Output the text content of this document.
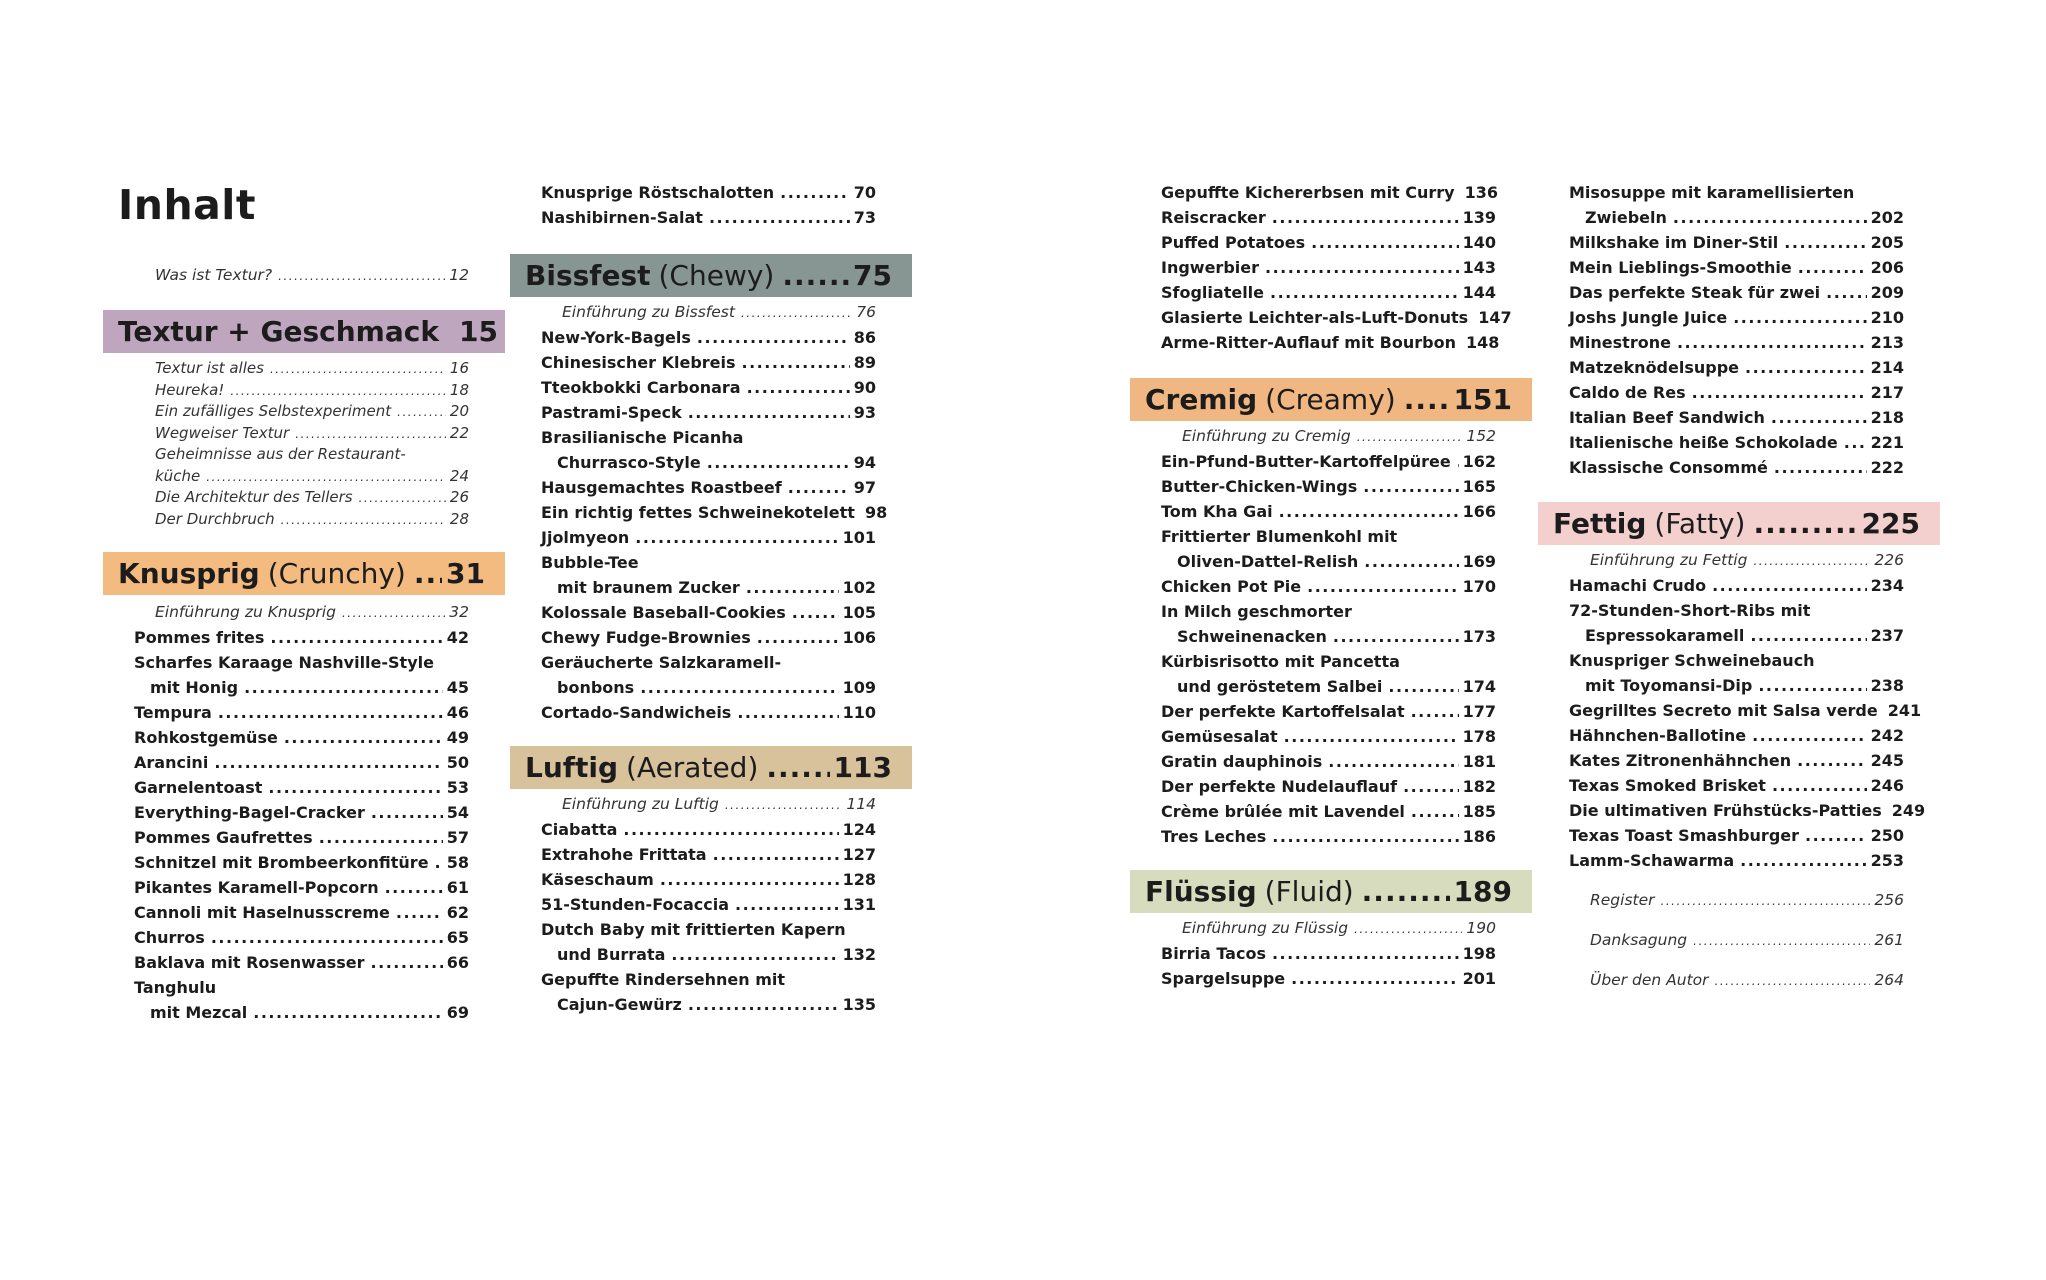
Inhalt
Was ist Textur? .....	12
Textur + Geschmack 15
Textur ist alles .....	16
Heureka! .....	18
Ein zufälliges Selbstexperiment .....	20
Wegweiser Textur .....	22
Geheimnisse aus der Restaurant-
küche .....	24
Die Architektur des Tellers .....	26
Der Durchbruch .....	28
Knusprig (Crunchy) ..... 31
Einführung zu Knusprig .....	32
Pommes frites .....	42
Scharfes Karaage Nashville-Style
mit Honig .....	45
Tempura .....	46
Rohkostgemüse .....	49
Arancini .....	50
Garnelentoast .....	53
Everything-Bagel-Cracker .....	54
Pommes Gaufrettes .....	57
Schnitzel mit Brombeerkonfitüre ..... 58
Pikantes Karamell-Popcorn .....	61
Cannoli mit Haselnusscreme .....	62
Churros .....	65
Baklava mit Rosenwasser .....	66
Tanghulu
mit Mezcal .....	69
Knusprige Röstschalotten .....	70
Nashibirnen-Salat .....	73
Bissfest (Chewy) .....	75
Einführung zu Bissfest .....	76
New-York-Bagels .....	86
Chinesischer Klebreis .....	89
Tteokbokki Carbonara .....	90
Pastrami-Speck .....	93
Brasilianische Picanha
Churrasco-Style .....	94
Hausgemachtes Roastbeef .....	97
Ein richtig fettes Schweinekotelett 98
Jjolmyeon .....	101
Bubble-Tee
mit braunem Zucker .....	102
Kolossale Baseball-Cookies .....	105
Chewy Fudge-Brownies .....	106
Geräucherte Salzkaramell-
bonbons .....	109
Cortado-Sandwicheis .....	110
Luftig (Aerated) .....	113
Einführung zu Luftig .....	114
Ciabatta .....	124
Extrahohe Frittata .....	127
Käseschaum .....	128
51-Stunden-Focaccia .....	131
Dutch Baby mit frittierten Kapern
und Burrata .....	132
Gepuffte Rindersehnen mit
Cajun-Gewürz .....	135
Gepuffte Kichererbsen mit Curry 136
Reiscracker .....	139
Puffed Potatoes .....	140
Ingwerbier .....	143
Sfogliatelle .....	144
Glasierte Leichter-als-Luft-Donuts 147
Arme-Ritter-Auflauf mit Bourbon 148
Cremig (Creamy) ..... 151
Einführung zu Cremig .....	152
Ein-Pfund-Butter-Kartoffelpüree ..... 162
Butter-Chicken-Wings .....	165
Tom Kha Gai .....	166
Frittierter Blumenkohl mit
Oliven-Dattel-Relish .....	169
Chicken Pot Pie .....	170
In Milch geschmorter
Schweinenacken .....	173
Kürbisrisotto mit Pancetta
und geröstetem Salbei .....	174
Der perfekte Kartoffelsalat .....	177
Gemüsesalat .....	178
Gratin dauphinois .....	181
Der perfekte Nudelauflauf .....	182
Crème brûlée mit Lavendel .....	185
Tres Leches .....	186
Flüssig (Fluid) .....	189
Einführung zu Flüssig .....	190
Birria Tacos .....	198
Spargelsuppe .....	201
Misosuppe mit karamellisierten
Zwiebeln .....	202
Milkshake im Diner-Stil .....	205
Mein Lieblings-Smoothie .....	206
Das perfekte Steak für zwei .....	209
Joshs Jungle Juice .....	210
Minestrone .....	213
Matzeknödelsuppe .....	214
Caldo de Res .....	217
Italian Beef Sandwich .....	218
Italienische heiße Schokolade ..... 221
Klassische Consommé .....	222
Fettig (Fatty) .....	225
Einführung zu Fettig .....	226
Hamachi Crudo .....	234
72-Stunden-Short-Ribs mit
Espressokaramell .....	237
Knuspriger Schweinebauch
mit Toyomansi-Dip .....	238
Gegrilltes Secreto mit Salsa verde 241
Hähnchen-Ballotine .....	242
Kates Zitronenhähnchen .....	245
Texas Smoked Brisket .....	246
Die ultimativen Frühstücks-Patties 249
Texas Toast Smashburger .....	250
Lamm-Schawarma .....	253
Register .....	256
Danksagung .....	261
Über den Autor .....	264
